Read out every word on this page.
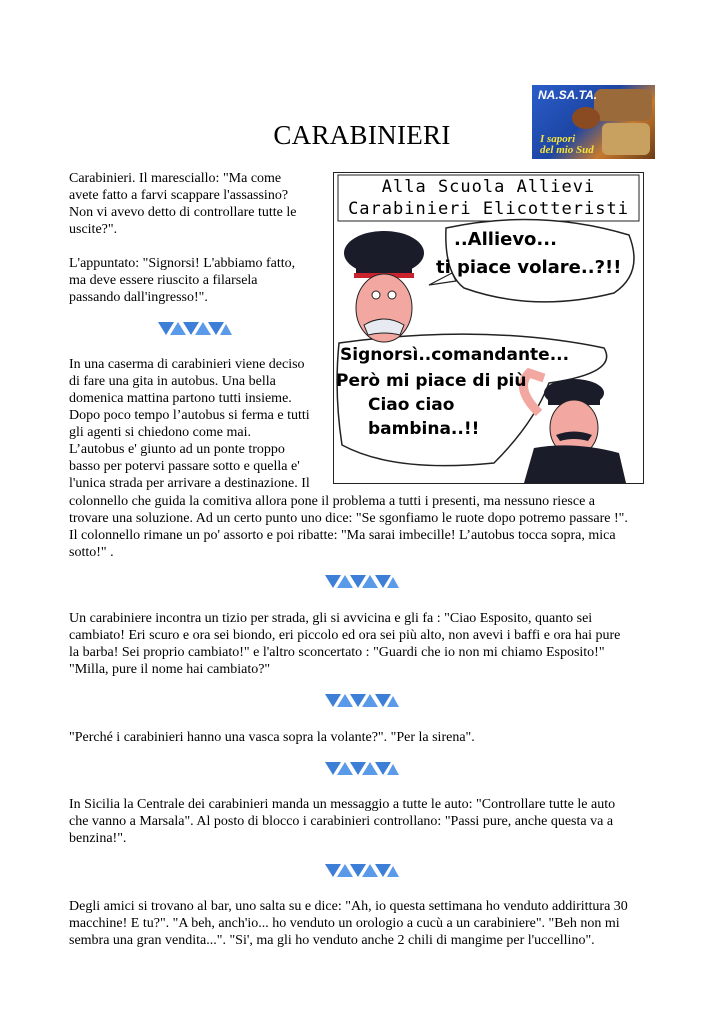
NA.SA.TA.
I sapori
del mio Sud
CARABINIERI
Carabinieri. Il maresciallo: "Ma come
avete fatto a farvi scappare l'assassino?
Non vi avevo detto di controllare tutte le
uscite?".
L'appuntato: "Signorsi! L'abbiamo fatto,
ma deve essere riuscito a filarsela
passando dall'ingresso!".
In una caserma di carabinieri viene deciso
di fare una gita in autobus. Una bella
domenica mattina partono tutti insieme.
Dopo poco tempo l’autobus si ferma e tutti
gli agenti si chiedono come mai.
L’autobus e' giunto ad un ponte troppo
basso per potervi passare sotto e quella e'
l'unica strada per arrivare a destinazione. Il
Alla Scuola Allievi
Carabinieri Elicotteristi
..Allievo...
ti piace volare..?!!
Signorsì..comandante...
Però mi piace di più
Ciao ciao
bambina..!!
colonnello che guida la comitiva allora pone il problema a tutti i presenti, ma nessuno riesce a
trovare una soluzione. Ad un certo punto uno dice: "Se sgonfiamo le ruote dopo potremo passare !".
Il colonnello rimane un po' assorto e poi ribatte: "Ma sarai imbecille! L’autobus tocca sopra, mica
sotto!" .
Un carabiniere incontra un tizio per strada, gli si avvicina e gli fa : "Ciao Esposito, quanto sei
cambiato! Eri scuro e ora sei biondo, eri piccolo ed ora sei più alto, non avevi i baffi e ora hai pure
la barba! Sei proprio cambiato!" e l'altro sconcertato : "Guardi che io non mi chiamo Esposito!"
"Milla, pure il nome hai cambiato?"
"Perché i carabinieri hanno una vasca sopra la volante?". "Per la sirena".
In Sicilia la Centrale dei carabinieri manda un messaggio a tutte le auto: "Controllare tutte le auto
che vanno a Marsala". Al posto di blocco i carabinieri controllano: "Passi pure, anche questa va a
benzina!".
Degli amici si trovano al bar, uno salta su e dice: "Ah, io questa settimana ho venduto addirittura 30
macchine! E tu?". "A beh, anch'io... ho venduto un orologio a cucù a un carabiniere". "Beh non mi
sembra una gran vendita...". "Si', ma gli ho venduto anche 2 chili di mangime per l'uccellino".
